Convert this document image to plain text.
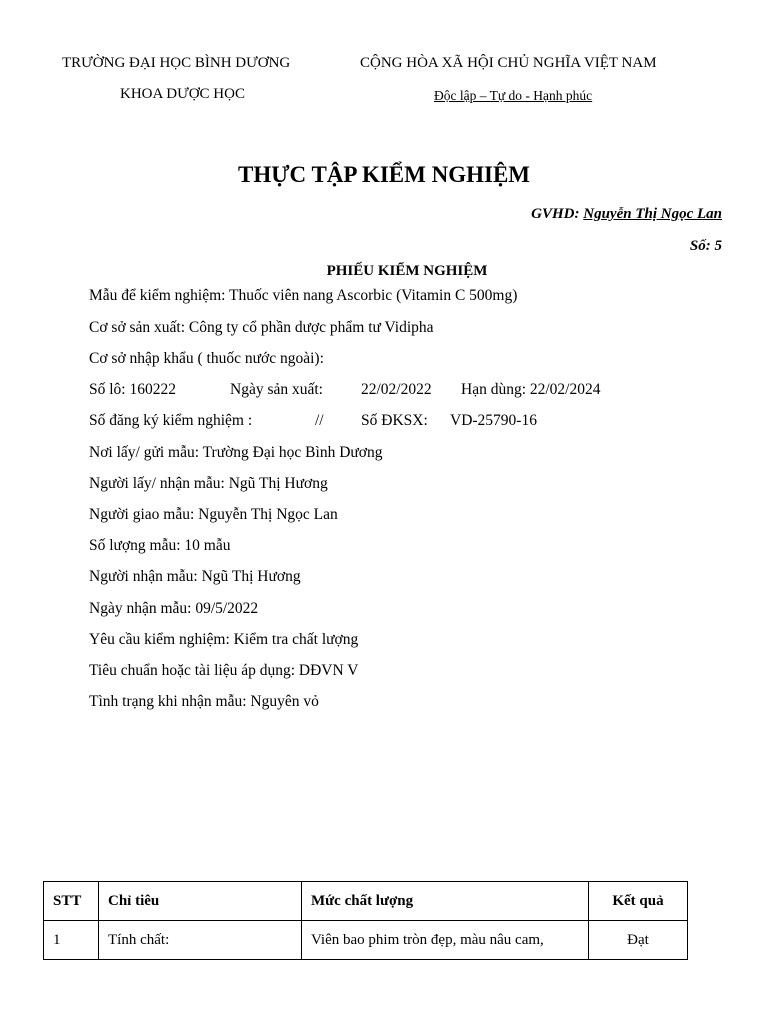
TRƯỜNG ĐẠI HỌC BÌNH DƯƠNG
KHOA DƯỢC HỌC
CỘNG HÒA XÃ HỘI CHỦ NGHĨA VIỆT NAM
Độc lập – Tự do - Hạnh phúc
THỰC TẬP KIỂM NGHIỆM
GVHD: Nguyễn Thị Ngọc Lan
Số: 5
PHIẾU KIỂM NGHIỆM
Mẫu để kiểm nghiệm: Thuốc viên nang Ascorbic (Vitamin C 500mg)
Cơ sở sản xuất: Công ty cổ phần dược phẩm tư Vidipha
Cơ sở nhập khẩu ( thuốc nước ngoài):
Số lô: 160222	Ngày sản xuất: 22/02/2022 Hạn dùng: 22/02/2024
Số đăng ký kiểm nghiệm :	// Số ĐKSX: VD-25790-16
Nơi lấy/ gửi mẫu: Trường Đại học Bình Dương
Người lấy/ nhận mẫu: Ngũ Thị Hương
Người giao mẫu: Nguyễn Thị Ngọc Lan
Số lượng mẫu: 10 mẫu
Người nhận mẫu: Ngũ Thị Hương
Ngày nhận mẫu: 09/5/2022
Yêu cầu kiểm nghiệm: Kiểm tra chất lượng
Tiêu chuẩn hoặc tài liệu áp dụng: DĐVN V
Tình trạng khi nhận mẫu: Nguyên vỏ
STT	Chỉ tiêu	Mức chất lượng	Kết quả
1	Tính chất:	Viên bao phim tròn đẹp, màu nâu cam,	Đạt
